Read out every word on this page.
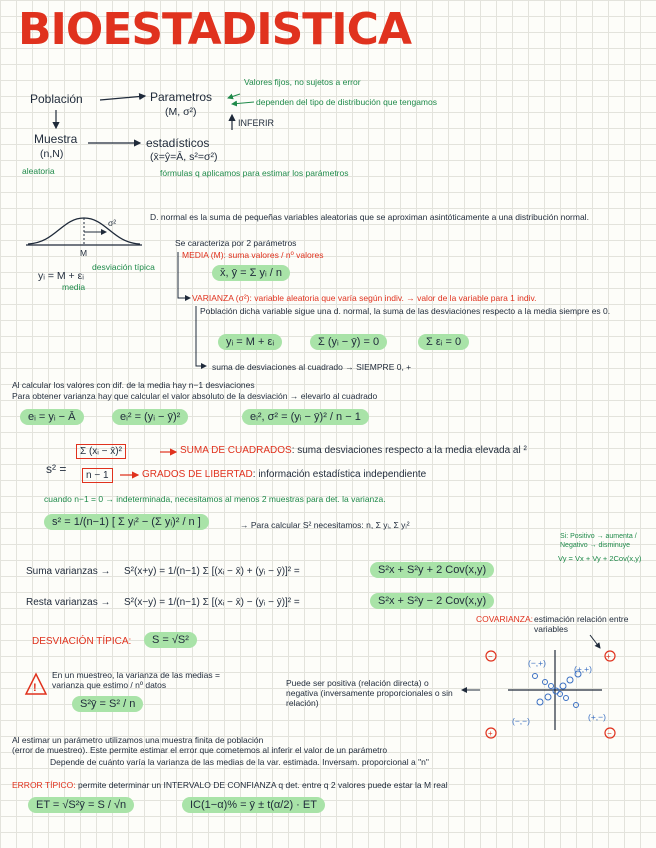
BIOESTADISTICA
−	+
+	−
!
Población	Parametros
(M, σ²)
Valores fijos, no sujetos a error
dependen del tipo de distribución que tengamos
INFERIR
Muestra
(n,N)
aleatoria
estadísticos
(x̄=ŷ=Ā, s²=σ²)
fórmulas q aplicamos para estimar los parámetros
σ²
M
yᵢ = M + εᵢ
desviación típica
media
D. normal es la suma de pequeñas variables aleatorias que se aproximan asintóticamente a una distribución normal.
Se caracteriza por 2 parámetros
MEDIA (M): suma valores / nº valores
x̄, ȳ = Σ yᵢ / n
VARIANZA (σ²): variable aleatoria que varía según indiv. → valor de la variable para 1 indiv.
Población dicha variable sigue una d. normal, la suma de las desviaciones respecto a la media siempre es 0.
yᵢ = M + εᵢ	Σ (yᵢ − ȳ) = 0	Σ εᵢ = 0
suma de desviaciones al cuadrado → SIEMPRE 0, +
Al calcular los valores con dif. de la media hay n−1 desviaciones
Para obtener varianza hay que calcular el valor absoluto de la desviación → elevarlo al cuadrado
eᵢ = yᵢ − Ā	eᵢ² = (yᵢ − ȳ)²	eᵢ², σ² = (yᵢ − ȳ)² / n − 1
s² =
Σ (xᵢ − x̄)²
n − 1
SUMA DE CUADRADOS: suma desviaciones respecto a la media elevada al ²
GRADOS DE LIBERTAD: información estadística independiente
cuando n−1 = 0 → indeterminada, necesitamos al menos 2 muestras para det. la varianza.
s² = 1/(n−1) [ Σ yᵢ² − (Σ yᵢ)² / n ]	→ Para calcular S² necesitamos: n, Σ yᵢ, Σ yᵢ²
Si: Positivo → aumenta / Negativo → disminuye
Vy = Vx + Vy + 2Cov(x,y)
Suma varianzas → S²(x+y) = 1/(n−1) Σ [(xᵢ − x̄) + (yᵢ − ȳ)]² =	S²x + S²y + 2 Cov(x,y)
Resta varianzas → S²(x−y) = 1/(n−1) Σ [(xᵢ − x̄) − (yᵢ − ȳ)]² =	S²x + S²y − 2 Cov(x,y)
DESVIACIÓN TÍPICA:	S = √S²
COVARIANZA: estimación relación entre variables
(−,+)
(+,+)
(−,−)	(+,−)
Puede ser positiva (relación directa) o negativa (inversamente proporcionales o sin relación)
En un muestreo, la varianza de las medias = varianza que estimo / nº datos
S²ȳ = S² / n
Al estimar un parámetro utilizamos una muestra finita de población
(error de muestreo). Este permite estimar el error que cometemos al inferir el valor de un parámetro
Depende de cuánto varía la varianza de las medias de la var. estimada. Inversam. proporcional a "n"
ERROR TÍPICO: permite determinar un INTERVALO DE CONFIANZA q det. entre q 2 valores puede estar la M real
ET = √S²ȳ = S / √n	IC(1−α)% = ȳ ± t(α/2) · ET
